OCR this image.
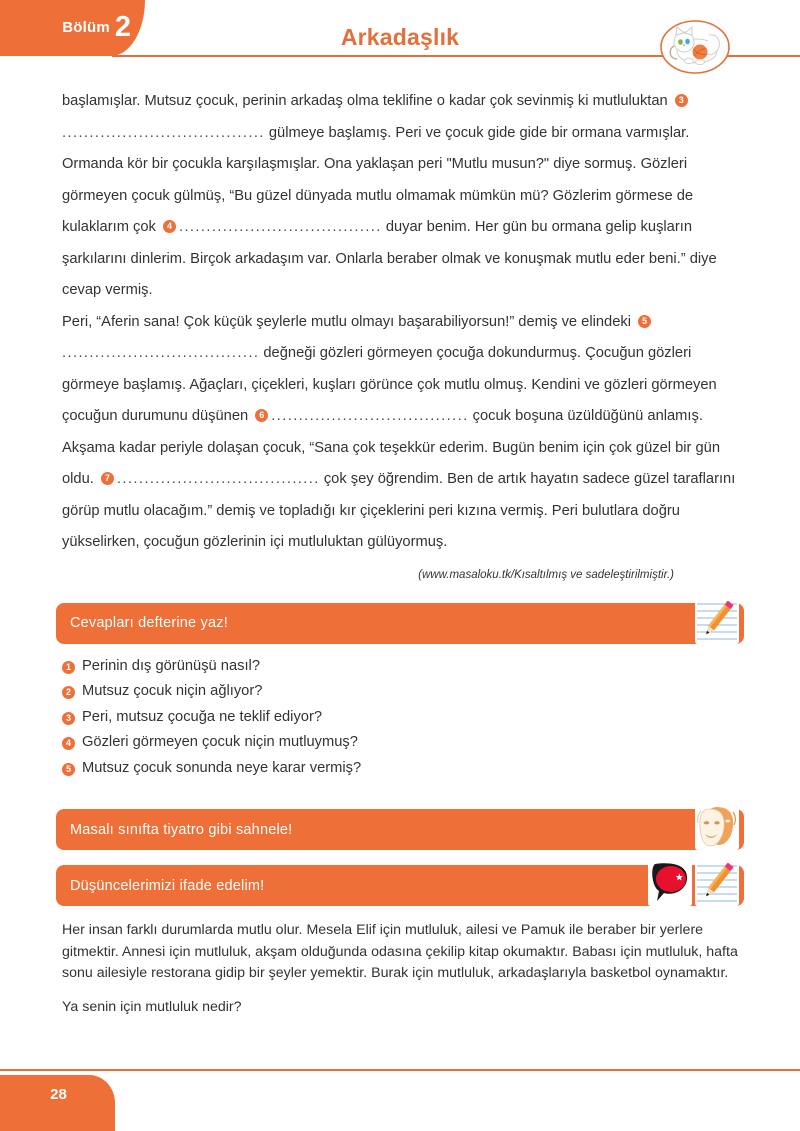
Bölüm 2	Arkadaşlık

başlamışlar. Mutsuz çocuk, perinin arkadaş olma teklifine o kadar çok sevinmiş ki mutluluktan 3..................................... gülmeye başlamış. Peri ve çocuk gide gide bir ormana varmışlar. Ormanda kör bir çocukla karşılaşmışlar. Ona yaklaşan peri "Mutlu musun?" diye sormuş. Gözleri görmeyen çocuk gülmüş, “Bu güzel dünyada mutlu olmamak mümkün mü? Gözlerim görmese de kulaklarım çok 4 ..................................... duyar benim. Her gün bu ormana gelip kuşların şarkılarını dinlerim. Birçok arkadaşım var. Onlarla beraber olmak ve konuşmak mutlu eder beni.” diye cevap vermiş.

Peri, “Aferin sana! Çok küçük şeylerle mutlu olmayı başarabiliyorsun!” demiş ve elindeki 5.................................... değneği gözleri görmeyen çocuğa dokundurmuş. Çocuğun gözleri görmeye başlamış. Ağaçları, çiçekleri, kuşları görünce çok mutlu olmuş. Kendini ve gözleri görmeyen çocuğun durumunu düşünen 6 .................................... çocuk boşuna üzüldüğünü anlamış. Akşama kadar periyle dolaşan çocuk, “Sana çok teşekkür ederim. Bugün benim için çok güzel bir gün oldu. 7 ..................................... çok şey öğrendim. Ben de artık hayatın sadece güzel taraflarını görüp mutlu olacağım.” demiş ve topladığı kır çiçeklerini peri kızına vermiş. Peri bulutlara doğru yükselirken, çocuğun gözlerinin içi mutluluktan gülüyormuş.

(www.masaloku.tk/Kısaltılmış ve sadeleştirilmiştir.)
Cevapları defterine yaz!
1 Perinin dış görünüşü nasıl?
2 Mutsuz çocuk niçin ağlıyor?
3 Peri, mutsuz çocuğa ne teklif ediyor?
4 Gözleri görmeyen çocuk niçin mutluymuş?
5 Mutsuz çocuk sonunda neye karar vermiş?
Masalı sınıfta tiyatro gibi sahnele!
Düşüncelerimizi ifade edelim!

Her insan farklı durumlarda mutlu olur. Mesela Elif için mutluluk, ailesi ve Pamuk ile beraber bir yerlere gitmektir. Annesi için mutluluk, akşam olduğunda odasına çekilip kitap okumaktır. Babası için mutluluk, hafta sonu ailesiyle restorana gidip bir şeyler yemektir. Burak için mutluluk, arkadaşlarıyla basketbol oynamaktır.

Ya senin için mutluluk nedir?

28
